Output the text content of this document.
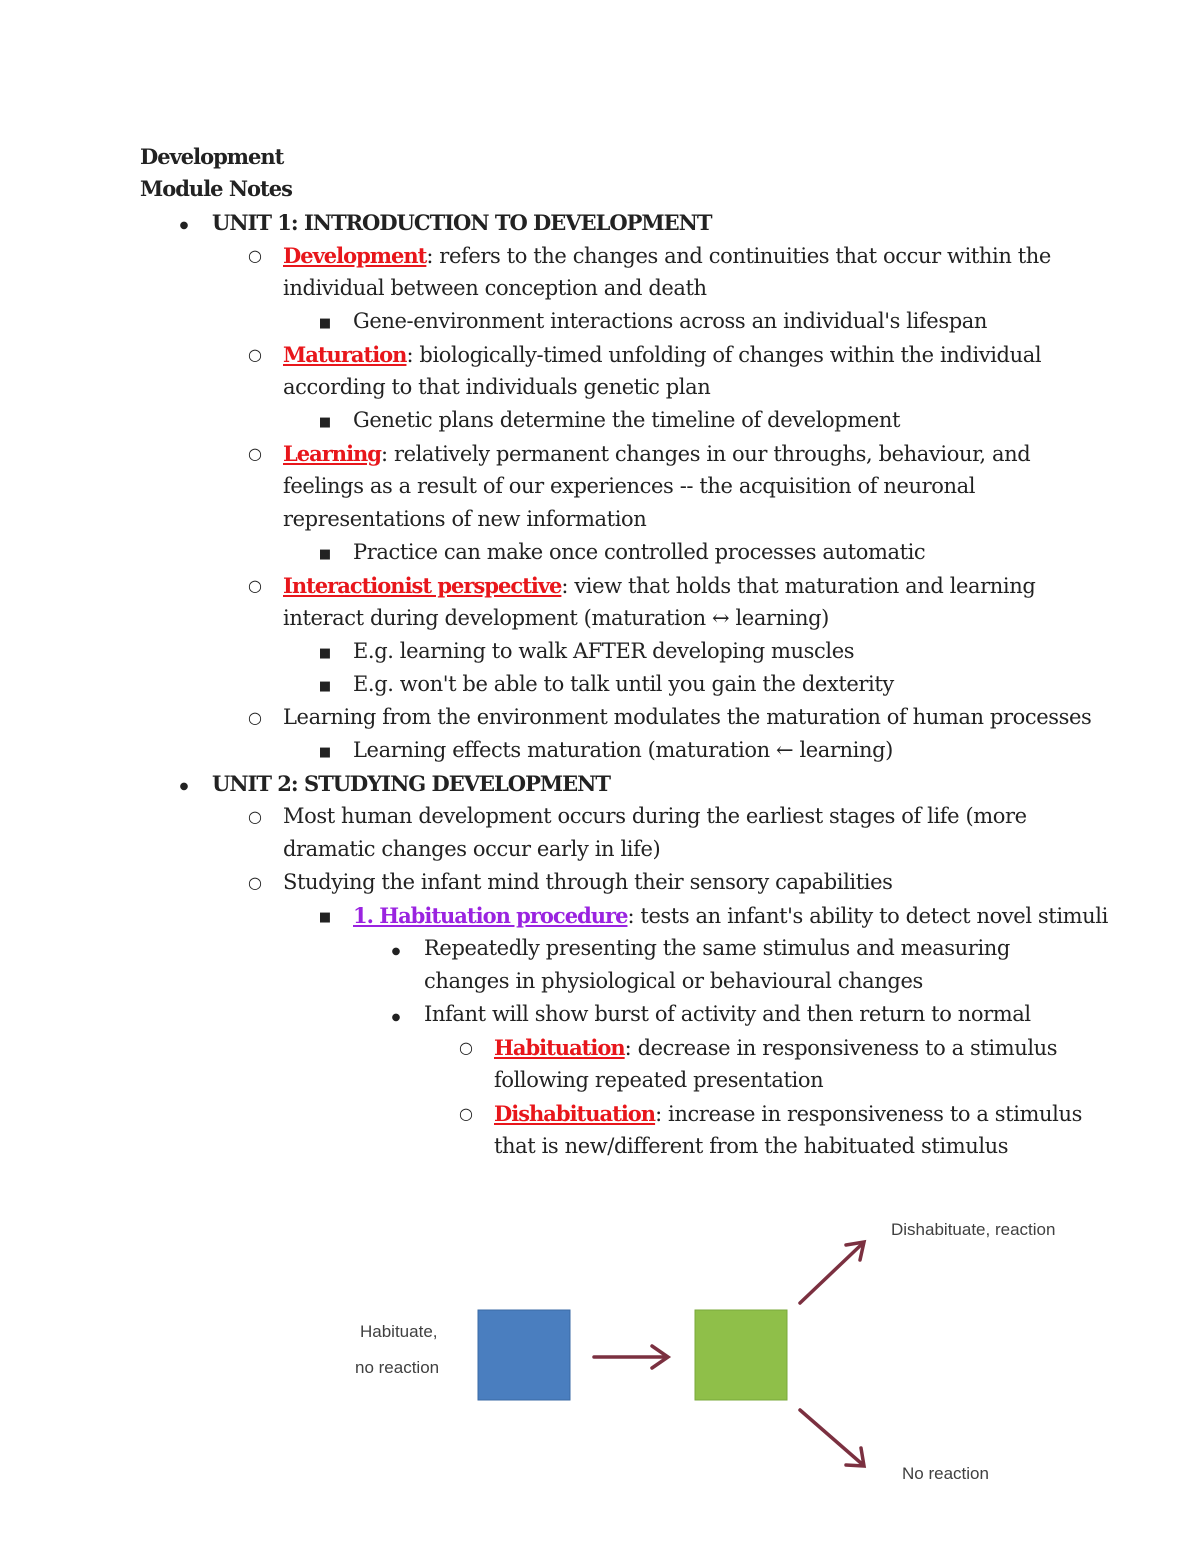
Development
Module Notes
●
UNIT 1: INTRODUCTION TO DEVELOPMENT
○
Development: refers to the changes and continuities that occur within the
individual between conception and death
■
Gene-environment interactions across an individual's lifespan
○
Maturation: biologically-timed unfolding of changes within the individual
according to that individuals genetic plan
■
Genetic plans determine the timeline of development
○
Learning: relatively permanent changes in our throughs, behaviour, and
feelings as a result of our experiences -- the acquisition of neuronal
representations of new information
■
Practice can make once controlled processes automatic
○
Interactionist perspective: view that holds that maturation and learning
interact during development (maturation ↔ learning)
■
E.g. learning to walk AFTER developing muscles
■
E.g. won't be able to talk until you gain the dexterity
○
Learning from the environment modulates the maturation of human processes
■
Learning effects maturation (maturation ← learning)
●
UNIT 2: STUDYING DEVELOPMENT
○
Most human development occurs during the earliest stages of life (more
dramatic changes occur early in life)
○
Studying the infant mind through their sensory capabilities
■
1. Habituation procedure: tests an infant's ability to detect novel stimuli
●
Repeatedly presenting the same stimulus and measuring
changes in physiological or behavioural changes
●
Infant will show burst of activity and then return to normal
○
Habituation: decrease in responsiveness to a stimulus
following repeated presentation
○
Dishabituation: increase in responsiveness to a stimulus
that is new/different from the habituated stimulus
Habituate,
no reaction
Dishabituate, reaction
No reaction
